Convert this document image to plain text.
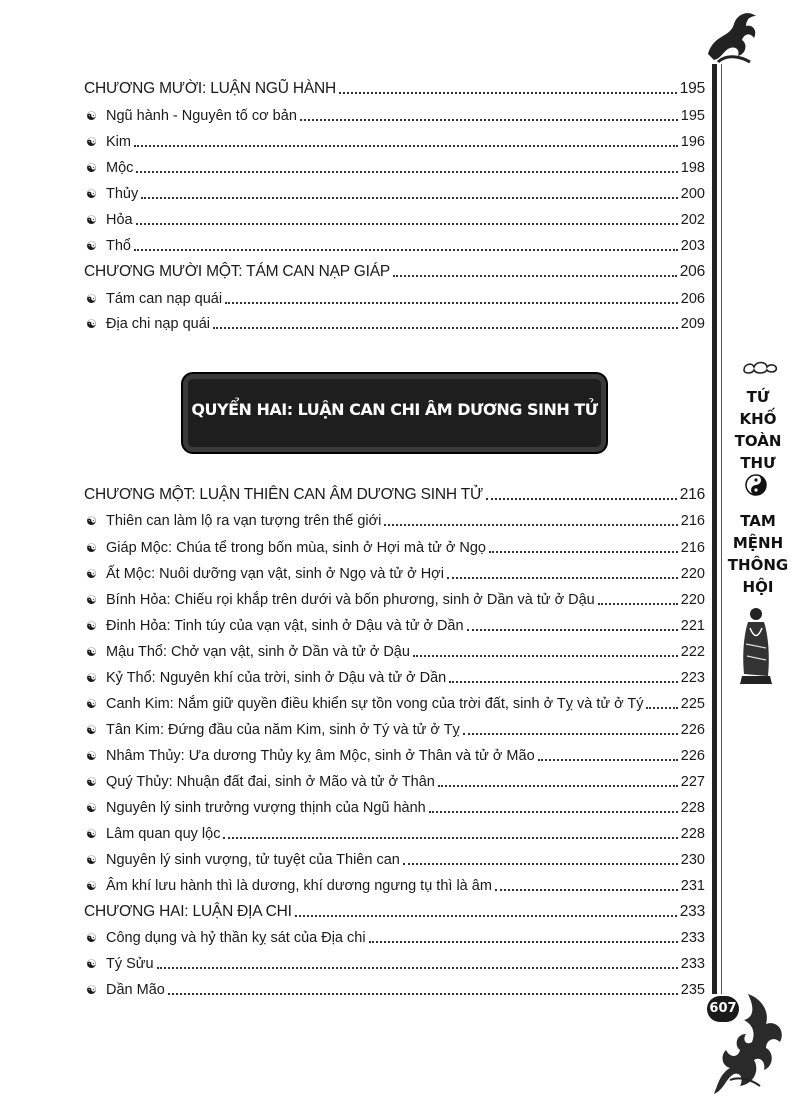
CHƯƠNG MƯỜI: LUẬN NGŨ HÀNH	195
☯ Ngũ hành - Nguyên tố cơ bản	195
☯ Kim	196
☯ Mộc	198
☯ Thủy	200
☯ Hỏa	202
☯ Thổ	203
CHƯƠNG MƯỜI MỘT: TÁM CAN NẠP GIÁP	206
☯ Tám can nạp quái	206
☯ Địa chi nạp quái	209
QUYỂN HAI: LUẬN CAN CHI ÂM DƯƠNG SINH TỬ
CHƯƠNG MỘT: LUẬN THIÊN CAN ÂM DƯƠNG SINH TỬ	216
☯ Thiên can làm lộ ra vạn tượng trên thế giới	216
☯ Giáp Mộc: Chúa tể trong bốn mùa, sinh ở Hợi mà tử ở Ngọ	216
☯ Ất Mộc: Nuôi dưỡng vạn vật, sinh ở Ngọ và tử ở Hợi	220
☯ Bính Hỏa: Chiếu rọi khắp trên dưới và bốn phương, sinh ở Dần và tử ở Dậu	220
☯ Đinh Hỏa: Tinh túy của vạn vật, sinh ở Dậu và tử ở Dần	221
☯ Mậu Thổ: Chở vạn vật, sinh ở Dần và tử ở Dậu	222
☯ Kỷ Thổ: Nguyên khí của trời, sinh ở Dậu và tử ở Dần	223
☯ Canh Kim: Nắm giữ quyền điều khiển sự tồn vong của trời đất, sinh ở Tỵ và tử ở Tý	225
☯ Tân Kim: Đứng đầu của năm Kim, sinh ở Tý và tử ở Tỵ	226
☯ Nhâm Thủy: Ưa dương Thủy kỵ âm Mộc, sinh ở Thân và tử ở Mão	226
☯ Quý Thủy: Nhuận đất đai, sinh ở Mão và tử ở Thân	227
☯ Nguyên lý sinh trưởng vượng thịnh của Ngũ hành	228
☯ Lâm quan quy lộc	228
☯ Nguyên lý sinh vượng, tử tuyệt của Thiên can	230
☯ Âm khí lưu hành thì là dương, khí dương ngưng tụ thì là âm	231
CHƯƠNG HAI: LUẬN ĐỊA CHI	233
☯ Công dụng và hỷ thần kỵ sát của Địa chi	233
☯ Tý Sửu	233
☯ Dần Mão	235
TỨ
KHỐ
TOÀN
THƯ
TAM
MỆNH
THÔNG
HỘI
607
